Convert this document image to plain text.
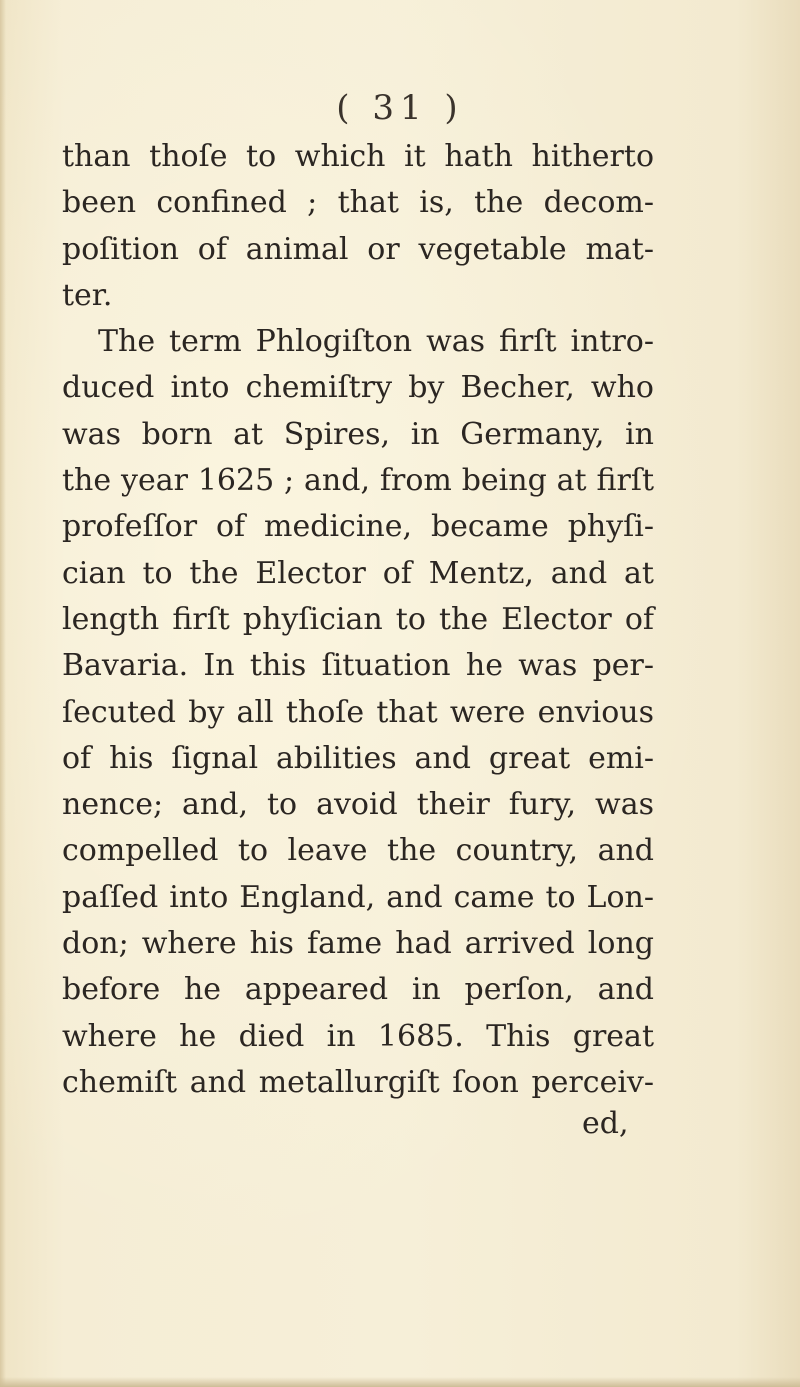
( 31 )
than thoſe to which it hath hitherto
been confined ; that is, the decom-
poſition of animal or vegetable mat-
ter.
The term Phlogiſton was firſt intro-
duced into chemiſtry by Becher, who
was born at Spires, in Germany, in
the year 1625 ; and, from being at firſt
profeſſor of medicine, became phyſi-
cian to the Elector of Mentz, and at
length firſt phyſician to the Elector of
Bavaria. In this ſituation he was per-
ſecuted by all thoſe that were envious
of his ſignal abilities and great emi-
nence; and, to avoid their fury, was
compelled to leave the country, and
paſſed into England, and came to Lon-
don; where his fame had arrived long
before he appeared in perſon, and
where he died in 1685. This great
chemiſt and metallurgiſt ſoon perceiv-
ed,
